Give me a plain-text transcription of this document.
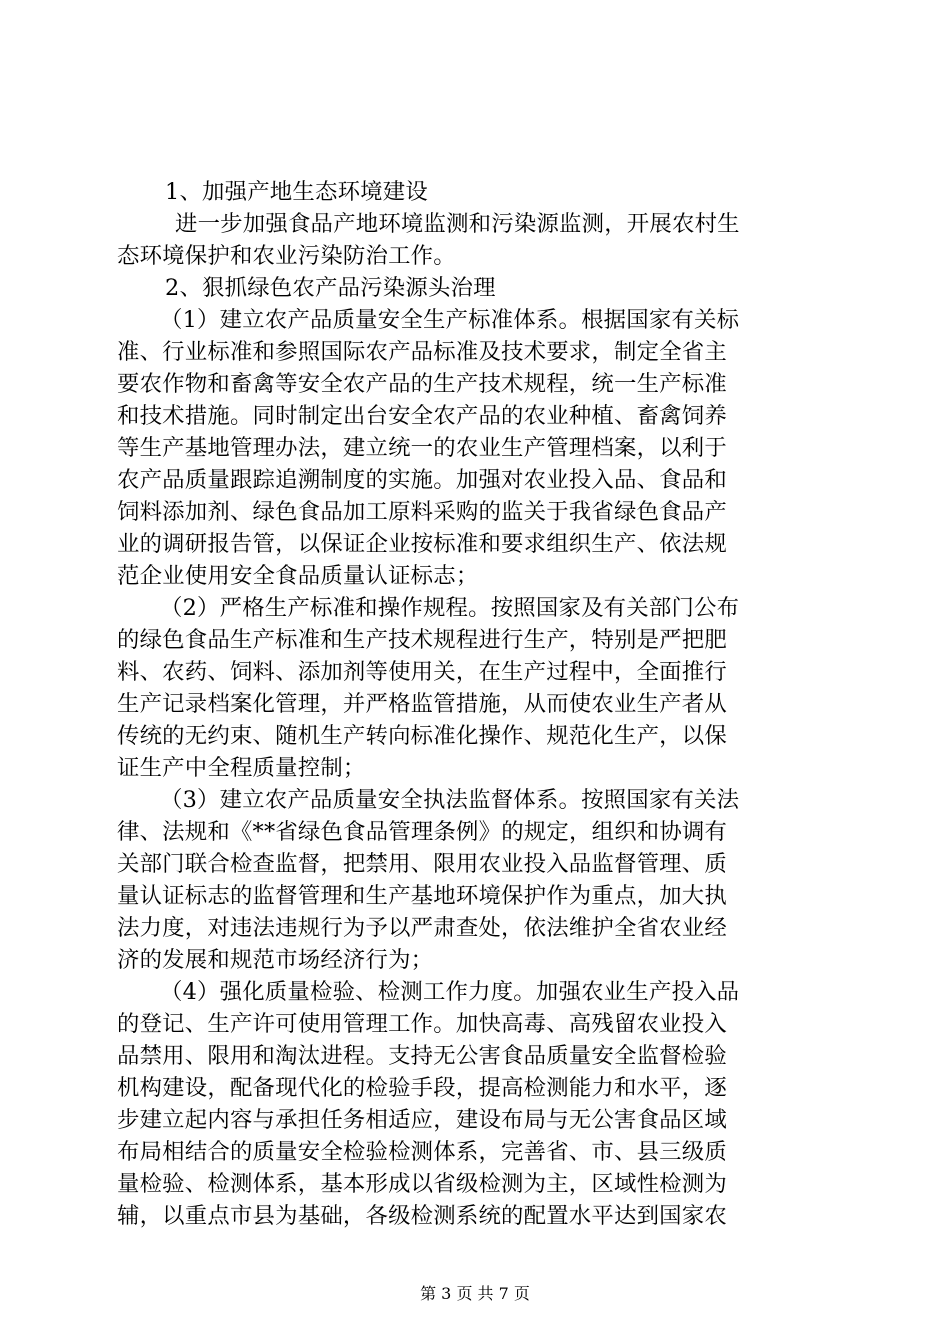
1、加强产地生态环境建设
进一步加强食品产地环境监测和污染源监测，开展农村生
态环境保护和农业污染防治工作。
2、狠抓绿色农产品污染源头治理
（1）建立农产品质量安全生产标准体系。根据国家有关标
准、行业标准和参照国际农产品标准及技术要求，制定全省主
要农作物和畜禽等安全农产品的生产技术规程，统一生产标准
和技术措施。同时制定出台安全农产品的农业种植、畜禽饲养
等生产基地管理办法，建立统一的农业生产管理档案，以利于
农产品质量跟踪追溯制度的实施。加强对农业投入品、食品和
饲料添加剂、绿色食品加工原料采购的监关于我省绿色食品产
业的调研报告管，以保证企业按标准和要求组织生产、依法规
范企业使用安全食品质量认证标志；
（2）严格生产标准和操作规程。按照国家及有关部门公布
的绿色食品生产标准和生产技术规程进行生产，特别是严把肥
料、农药、饲料、添加剂等使用关，在生产过程中，全面推行
生产记录档案化管理，并严格监管措施，从而使农业生产者从
传统的无约束、随机生产转向标准化操作、规范化生产，以保
证生产中全程质量控制；
（3）建立农产品质量安全执法监督体系。按照国家有关法
律、法规和《**省绿色食品管理条例》的规定，组织和协调有
关部门联合检查监督，把禁用、限用农业投入品监督管理、质
量认证标志的监督管理和生产基地环境保护作为重点，加大执
法力度，对违法违规行为予以严肃查处，依法维护全省农业经
济的发展和规范市场经济行为；
（4）强化质量检验、检测工作力度。加强农业生产投入品
的登记、生产许可使用管理工作。加快高毒、高残留农业投入
品禁用、限用和淘汰进程。支持无公害食品质量安全监督检验
机构建设，配备现代化的检验手段，提高检测能力和水平，逐
步建立起内容与承担任务相适应，建设布局与无公害食品区域
布局相结合的质量安全检验检测体系，完善省、市、县三级质
量检验、检测体系，基本形成以省级检测为主，区域性检测为
辅，以重点市县为基础，各级检测系统的配置水平达到国家农
第 3 页 共 7 页
